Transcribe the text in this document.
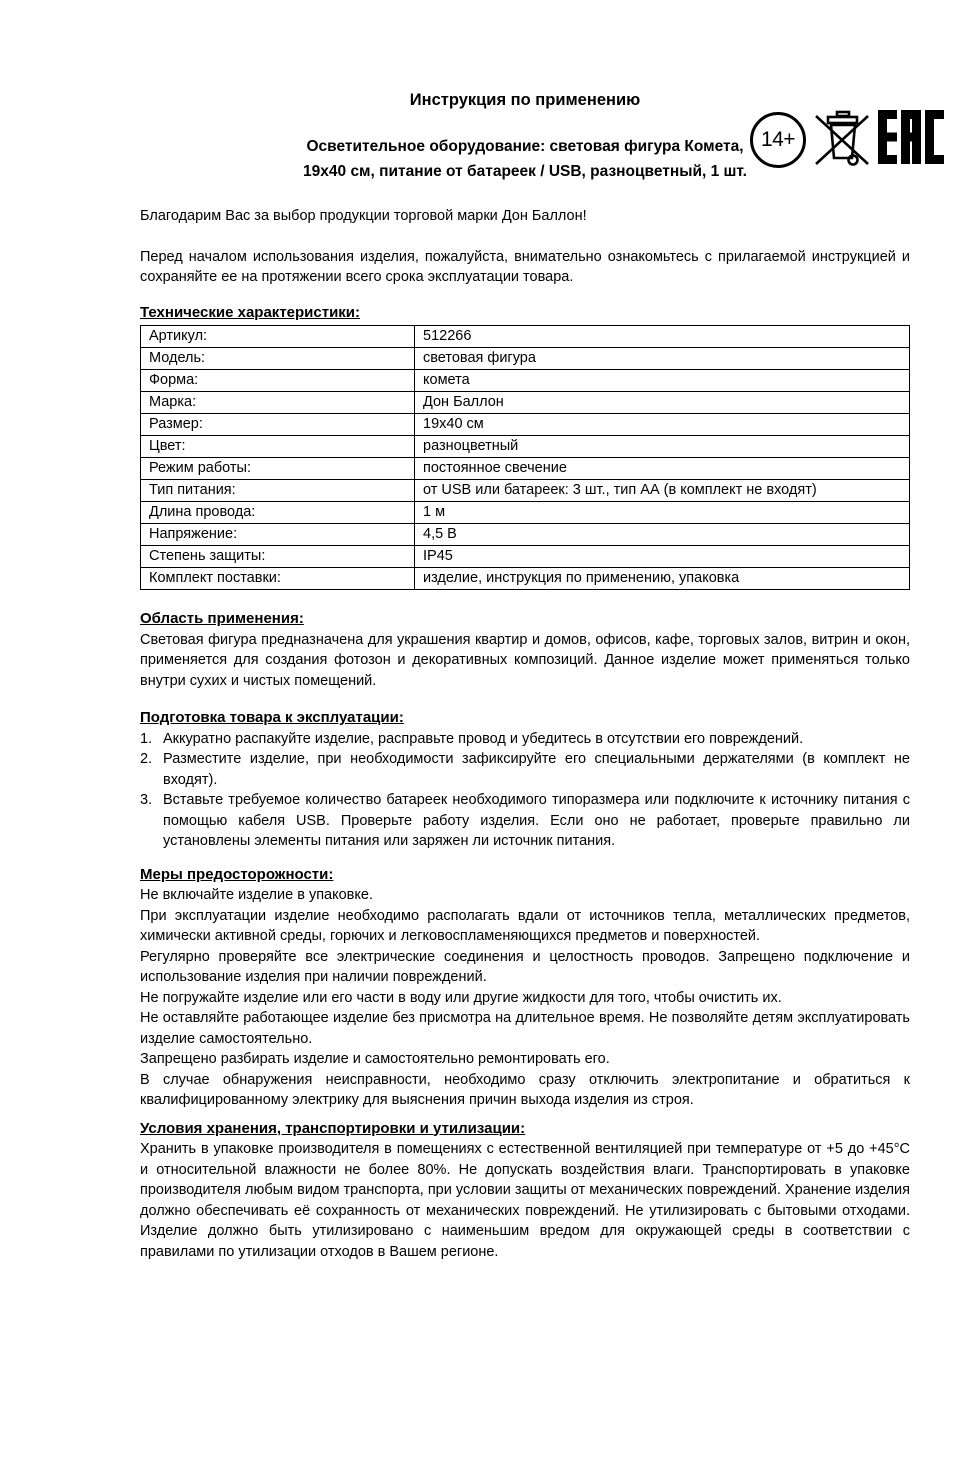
14+
Инструкция по применению
Осветительное оборудование: световая фигура Комета,
19х40 см, питание от батареек / USB, разноцветный, 1 шт.

Благодарим Вас за выбор продукции торговой марки Дон Баллон!

Перед началом использования изделия, пожалуйста, внимательно ознакомьтесь с прилагаемой инструкцией и сохраняйте ее на протяжении всего срока эксплуатации товара.

Технические характеристики:
Артикул:	512266
Модель:	световая фигура
Форма:	комета
Марка:	Дон Баллон
Размер:	19х40 см
Цвет:	разноцветный
Режим работы:	постоянное свечение
Тип питания:	от USB или батареек: 3 шт., тип АА (в комплект не входят)
Длина провода:	1 м
Напряжение:	4,5 В
Степень защиты:	IP45
Комплект поставки:	изделие, инструкция по применению, упаковка
Область применения:

Световая фигура предназначена для украшения квартир и домов, офисов, кафе, торговых залов, витрин и окон, применяется для создания фотозон и декоративных композиций. Данное изделие может применяться только внутри сухих и чистых помещений.

Подготовка товара к эксплуатации:
1. Аккуратно распакуйте изделие, расправьте провод и убедитесь в отсутствии его повреждений.
2. Разместите изделие, при необходимости зафиксируйте его специальными держателями (в комплект не входят).
3. Вставьте требуемое количество батареек необходимого типоразмера или подключите к источнику питания с помощью кабеля USB. Проверьте работу изделия. Если оно не работает, проверьте правильно ли установлены элементы питания или заряжен ли источник питания.
Меры предосторожности:

Не включайте изделие в упаковке.

При эксплуатации изделие необходимо располагать вдали от источников тепла, металлических предметов, химически активной среды, горючих и легковоспламеняющихся предметов и поверхностей.

Регулярно проверяйте все электрические соединения и целостность проводов. Запрещено подключение и использование изделия при наличии повреждений.

Не погружайте изделие или его части в воду или другие жидкости для того, чтобы очистить их.

Не оставляйте работающее изделие без присмотра на длительное время. Не позволяйте детям эксплуатировать изделие самостоятельно.

Запрещено разбирать изделие и самостоятельно ремонтировать его.

В случае обнаружения неисправности, необходимо сразу отключить электропитание и обратиться к квалифицированному электрику для выяснения причин выхода изделия из строя.

Условия хранения, транспортировки и утилизации:

Хранить в упаковке производителя в помещениях с естественной вентиляцией при температуре от +5 до +45°С и относительной влажности не более 80%. Не допускать воздействия влаги. Транспортировать в упаковке производителя любым видом транспорта, при условии защиты от механических повреждений. Хранение изделия должно обеспечивать её сохранность от механических повреждений. Не утилизировать с бытовыми отходами. Изделие должно быть утилизировано с наименьшим вредом для окружающей среды в соответствии с правилами по утилизации отходов в Вашем регионе.
